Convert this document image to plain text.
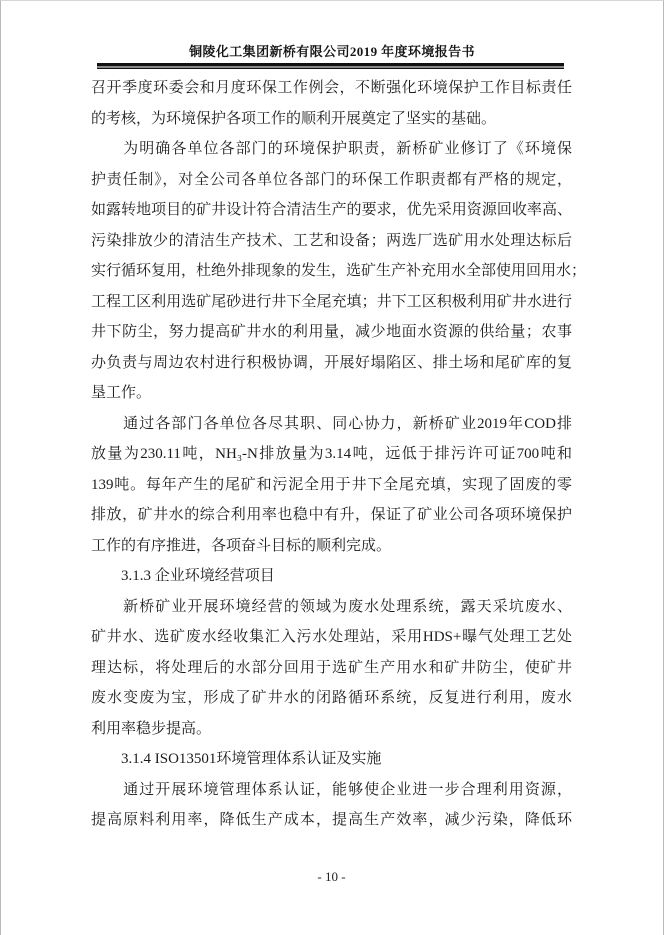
铜陵化工集团新桥有限公司2019 年度环境报告书
召开季度环委会和月度环保工作例会，不断强化环境保护工作目标责任
的考核，为环境保护各项工作的顺利开展奠定了坚实的基础。
　　为明确各单位各部门的环境保护职责，新桥矿业修订了《环境保
护责任制》，对全公司各单位各部门的环保工作职责都有严格的规定，
如露转地项目的矿井设计符合清洁生产的要求，优先采用资源回收率高、
污染排放少的清洁生产技术、工艺和设备；两选厂选矿用水处理达标后
实行循环复用，杜绝外排现象的发生，选矿生产补充用水全部使用回用水；
工程工区利用选矿尾砂进行井下全尾充填；井下工区积极利用矿井水进行
井下防尘，努力提高矿井水的利用量，减少地面水资源的供给量；农事
办负责与周边农村进行积极协调，开展好塌陷区、排土场和尾矿库的复
垦工作。
　　通过各部门各单位各尽其职、同心协力，新桥矿业2019年COD排
放量为230.11吨，NH₃-N排放量为3.14吨，远低于排污许可证700吨和
139吨。每年产生的尾矿和污泥全用于井下全尾充填，实现了固废的零
排放，矿井水的综合利用率也稳中有升，保证了矿业公司各项环境保护
工作的有序推进，各项奋斗目标的顺利完成。
　　3.1.3 企业环境经营项目
　　新桥矿业开展环境经营的领域为废水处理系统，露天采坑废水、
矿井水、选矿废水经收集汇入污水处理站，采用HDS+曝气处理工艺处
理达标，将处理后的水部分回用于选矿生产用水和矿井防尘，使矿井
废水变废为宝，形成了矿井水的闭路循环系统，反复进行利用，废水
利用率稳步提高。
　　3.1.4 ISO13501环境管理体系认证及实施
　　通过开展环境管理体系认证，能够使企业进一步合理利用资源，
提高原料利用率，降低生产成本，提高生产效率，减少污染，降低环
- 10 -
